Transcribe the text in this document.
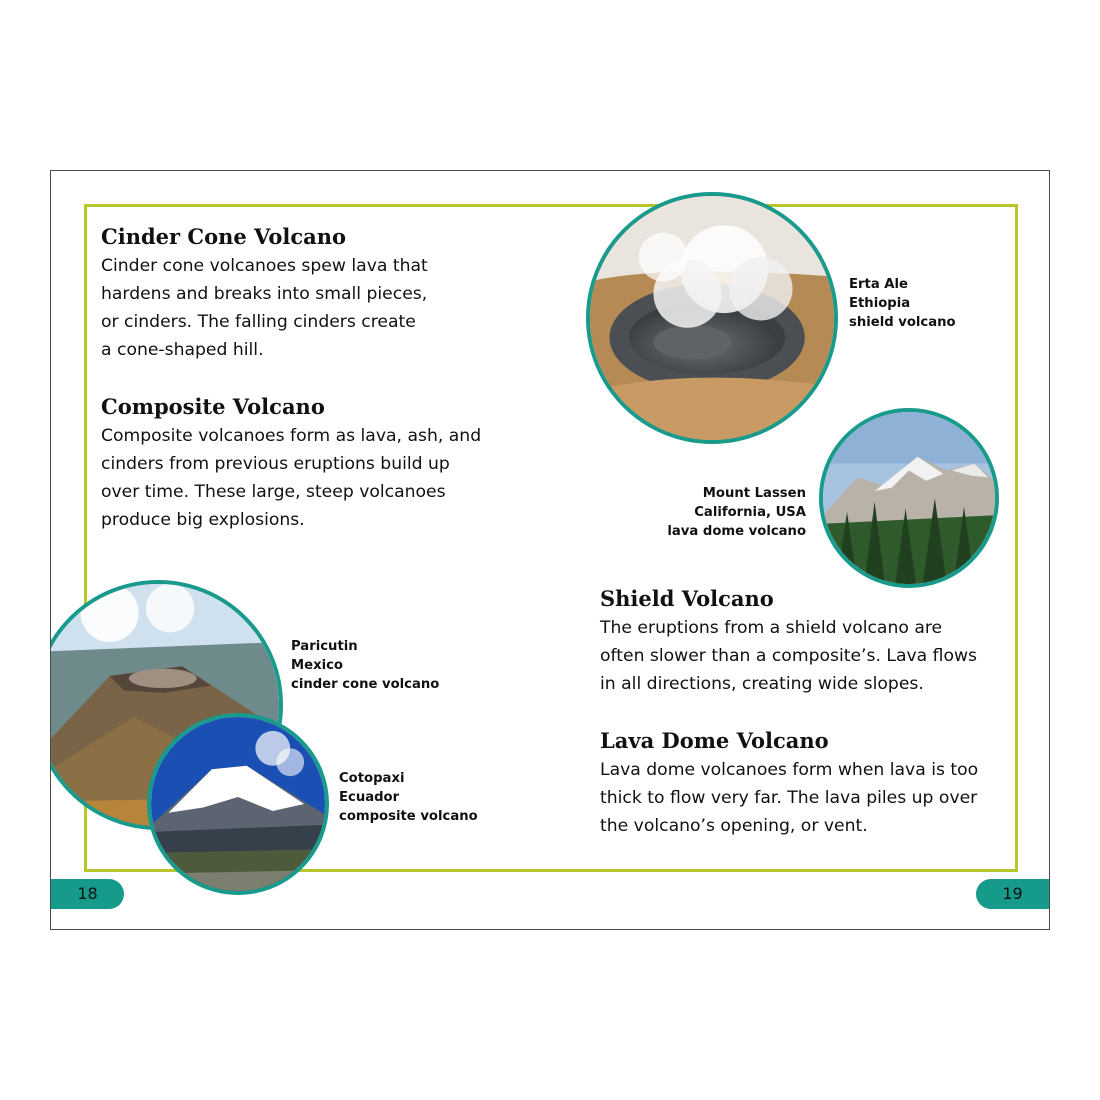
Cinder Cone Volcano

Cinder cone volcanoes spew lava that
hardens and breaks into small pieces,
or cinders. The falling cinders create
a cone-shaped hill.

Composite Volcano

Composite volcanoes form as lava, ash, and
cinders from previous eruptions build up
over time. These large, steep volcanoes
produce big explosions.

Shield Volcano

The eruptions from a shield volcano are
often slower than a composite’s. Lava flows
in all directions, creating wide slopes.

Lava Dome Volcano

Lava dome volcanoes form when lava is too
thick to flow very far. The lava piles up over
the volcano’s opening, or vent.

Erta Ale
Ethiopia
shield volcano
Mount Lassen
California, USA
lava dome volcano
Paricutin
Mexico
cinder cone volcano
Cotopaxi
Ecuador
composite volcano
18	19
